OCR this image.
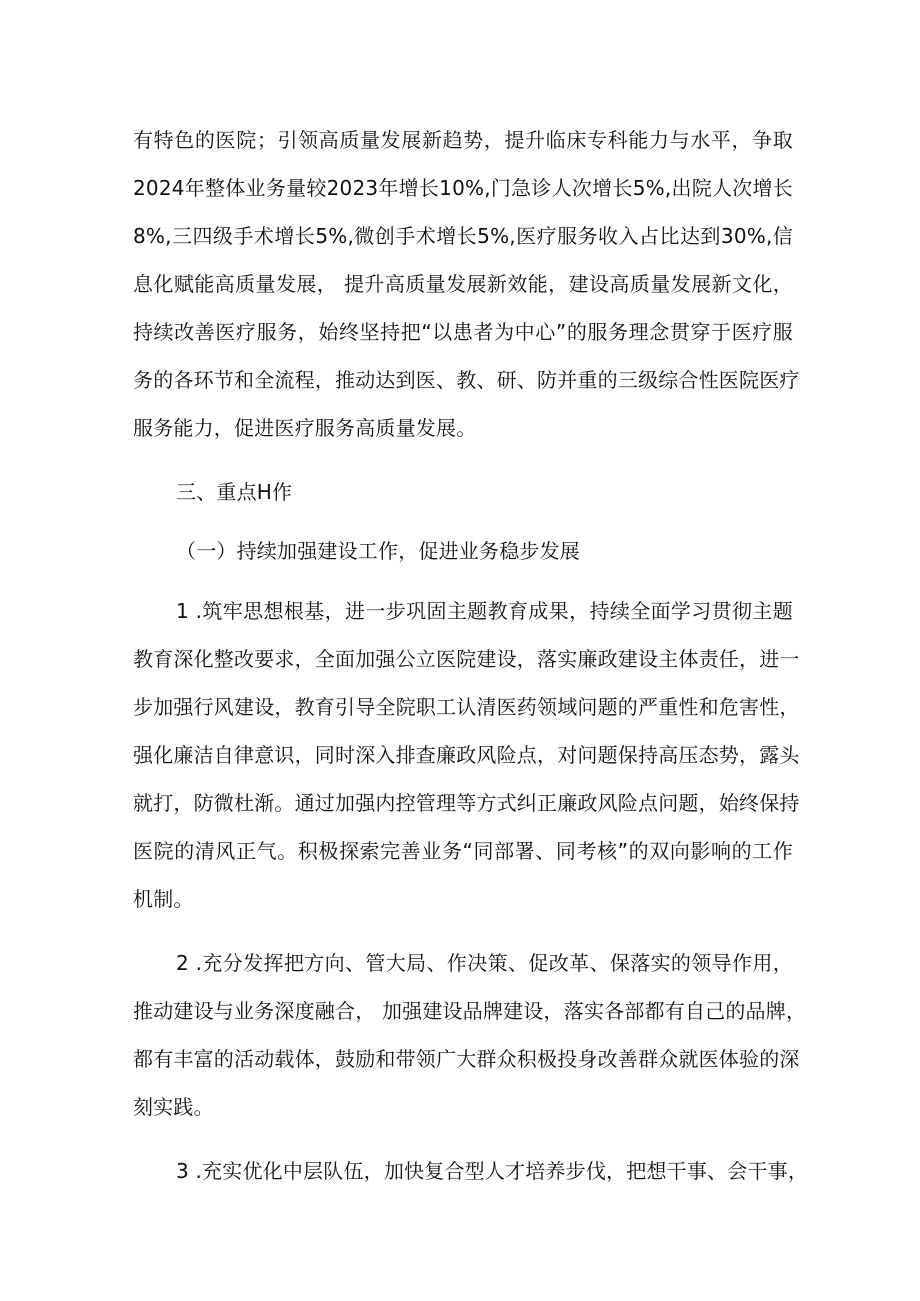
有特色的医院；引领高质量发展新趋势，提升临床专科能力与水平，争取

2024年整体业务量较2023年增长10%,门急诊人次增长5%,出院人次增长

8%,三四级手术增长5%,微创手术增长5%,医疗服务收入占比达到30%,信

息化赋能高质量发展， 提升高质量发展新效能，建设高质量发展新文化，

持续改善医疗服务，始终坚持把“以患者为中心”的服务理念贯穿于医疗服

务的各环节和全流程，推动达到医、教、研、防并重的三级综合性医院医疗

服务能力，促进医疗服务高质量发展。

三、重点H作

（一）持续加强建设工作，促进业务稳步发展

1 .筑牢思想根基，进一步巩固主题教育成果，持续全面学习贯彻主题

教育深化整改要求，全面加强公立医院建设，落实廉政建设主体责任，进一

步加强行风建设，教育引导全院职工认清医药领域问题的严重性和危害性，

强化廉洁自律意识，同时深入排查廉政风险点，对问题保持高压态势，露头

就打，防微杜渐。通过加强内控管理等方式纠正廉政风险点问题，始终保持

医院的清风正气。积极探索完善业务“同部署、同考核”的双向影响的工作

机制。

2 .充分发挥把方向、管大局、作决策、促改革、保落实的领导作用，

推动建设与业务深度融合， 加强建设品牌建设，落实各部都有自己的品牌，

都有丰富的活动载体，鼓励和带领广大群众积极投身改善群众就医体验的深

刻实践。

3 .充实优化中层队伍，加快复合型人才培养步伐，把想干事、会干事，
